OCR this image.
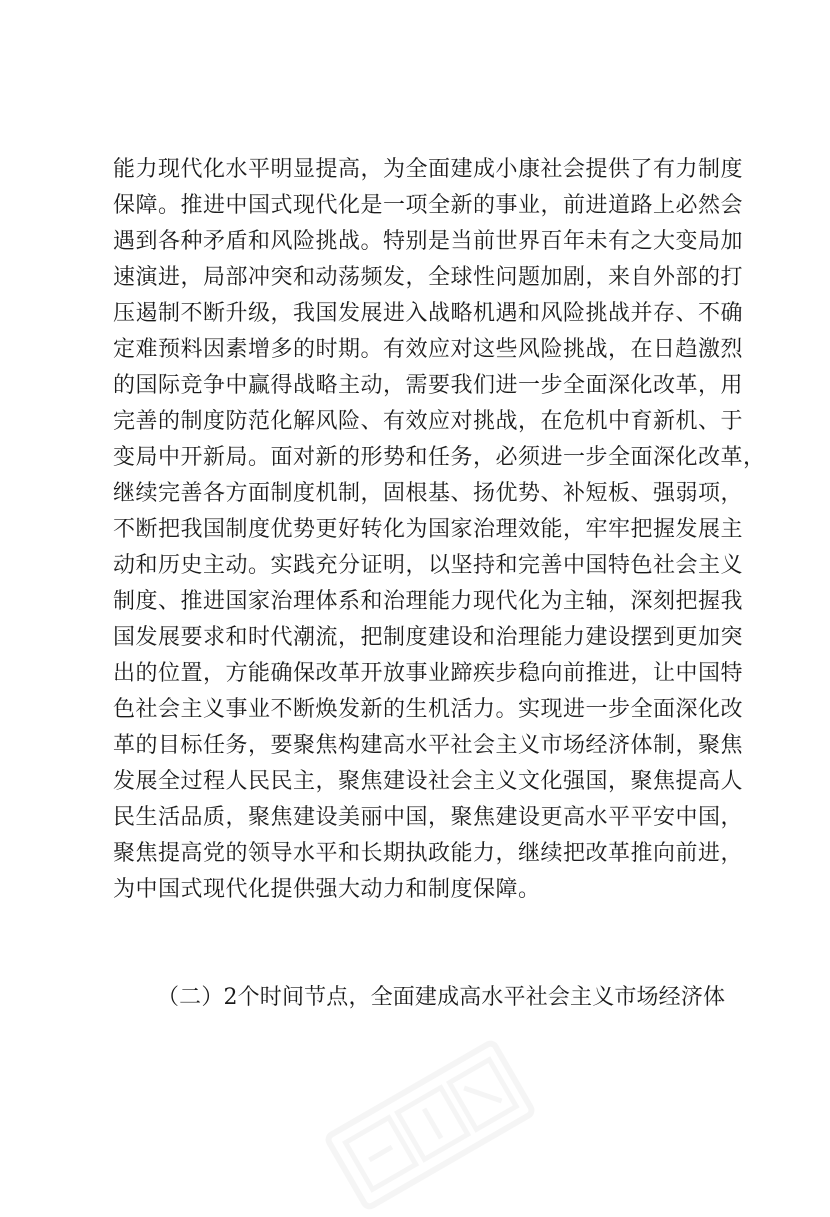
能力现代化水平明显提高，为全面建成小康社会提供了有力制度
保障。推进中国式现代化是一项全新的事业，前进道路上必然会
遇到各种矛盾和风险挑战。特别是当前世界百年未有之大变局加
速演进，局部冲突和动荡频发，全球性问题加剧，来自外部的打
压遏制不断升级，我国发展进入战略机遇和风险挑战并存、不确
定难预料因素增多的时期。有效应对这些风险挑战，在日趋激烈
的国际竞争中赢得战略主动，需要我们进一步全面深化改革，用
完善的制度防范化解风险、有效应对挑战，在危机中育新机、于
变局中开新局。面对新的形势和任务，必须进一步全面深化改革，
继续完善各方面制度机制，固根基、扬优势、补短板、强弱项，
不断把我国制度优势更好转化为国家治理效能，牢牢把握发展主
动和历史主动。实践充分证明，以坚持和完善中国特色社会主义
制度、推进国家治理体系和治理能力现代化为主轴，深刻把握我
国发展要求和时代潮流，把制度建设和治理能力建设摆到更加突
出的位置，方能确保改革开放事业蹄疾步稳向前推进，让中国特
色社会主义事业不断焕发新的生机活力。实现进一步全面深化改
革的目标任务，要聚焦构建高水平社会主义市场经济体制，聚焦
发展全过程人民民主，聚焦建设社会主义文化强国，聚焦提高人
民生活品质，聚焦建设美丽中国，聚焦建设更高水平平安中国，
聚焦提高党的领导水平和长期执政能力，继续把改革推向前进，
为中国式现代化提供强大动力和制度保障。
（二）2个时间节点，全面建成高水平社会主义市场经济体
